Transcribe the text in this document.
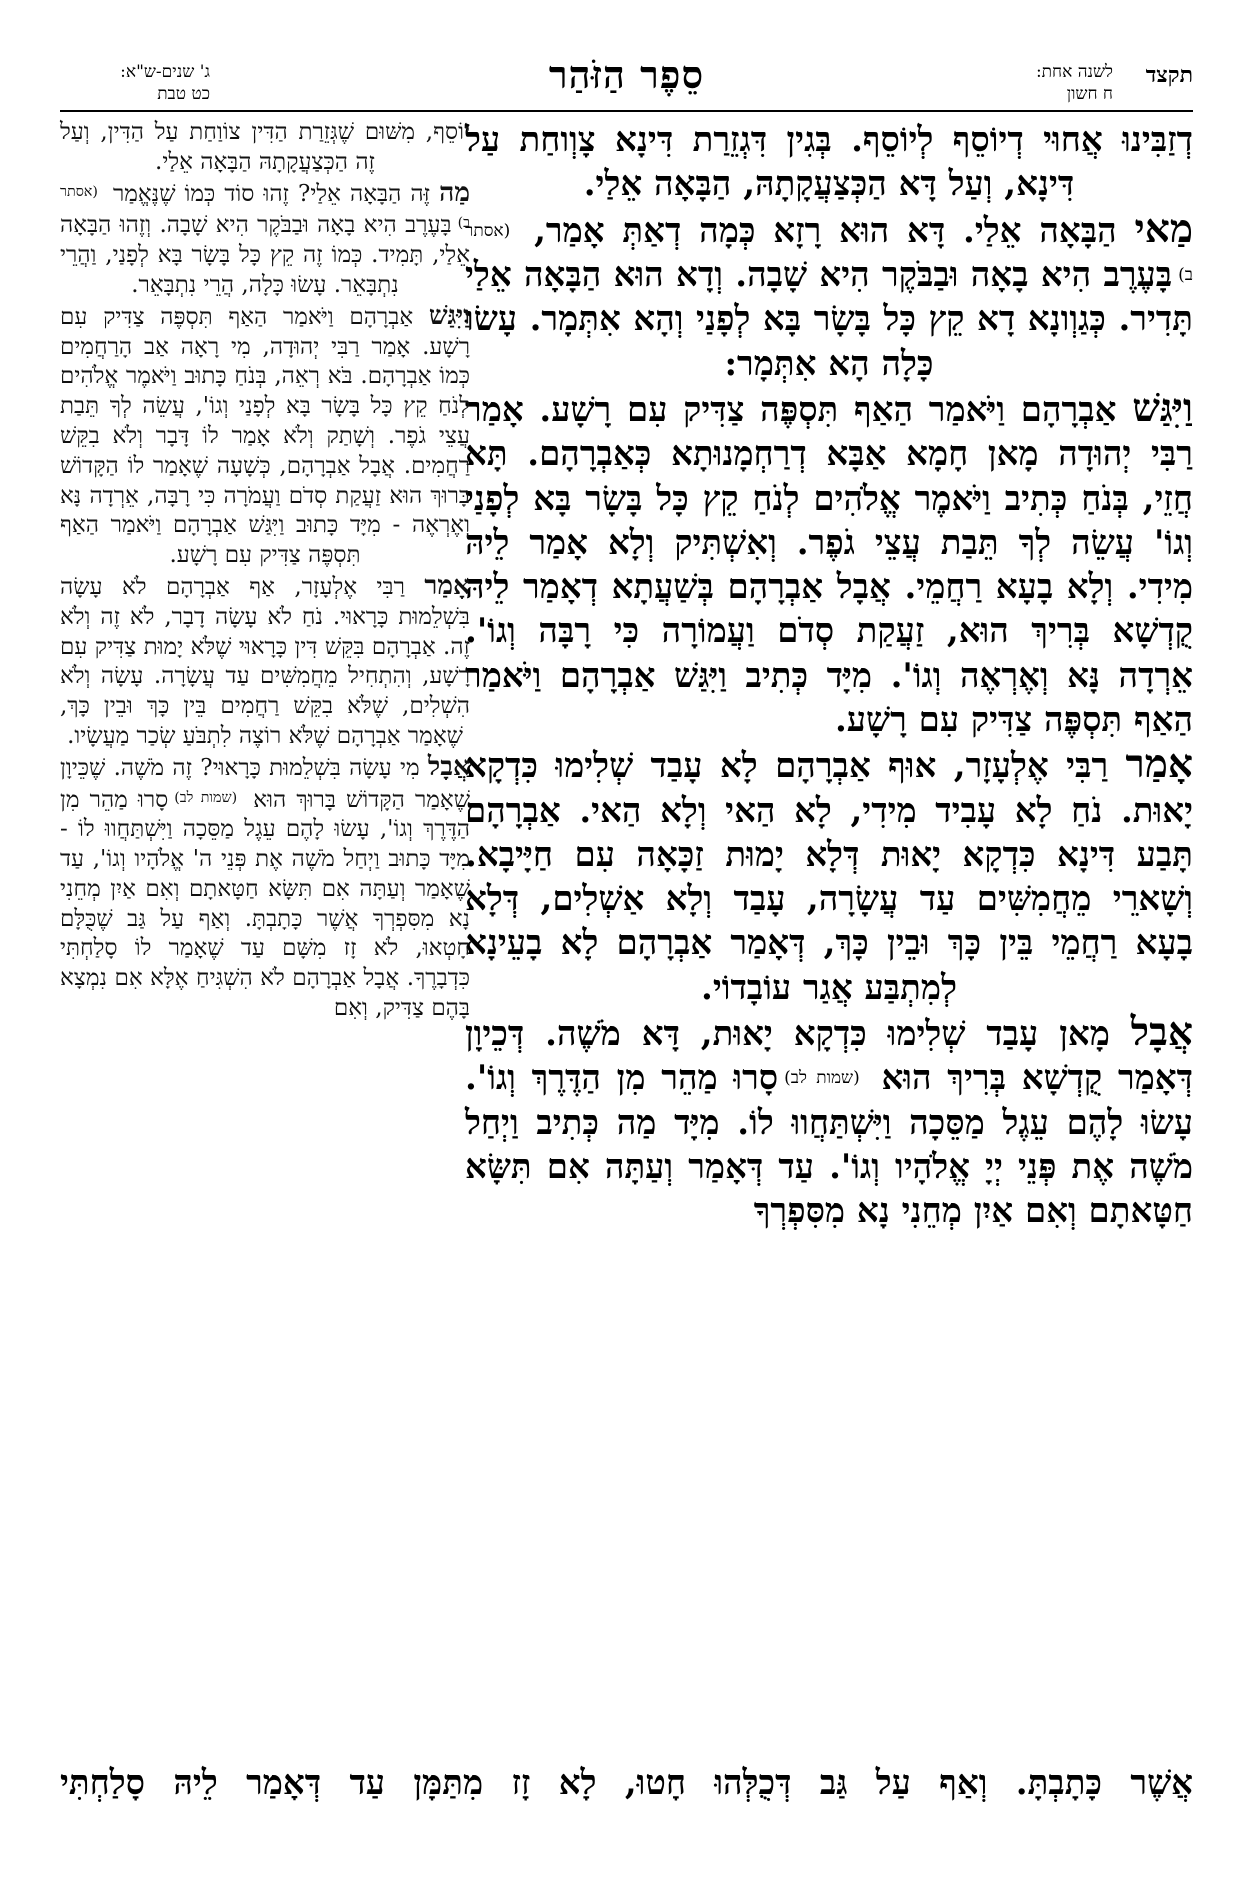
תקצד
לשנה אחת:
ח חשון
סֵפֶר הַזֹּהַר
ג' שנים-ש"א:
כט טבת

דְזַבִּינוּ אֲחוּי דְיוֹסֵף לְיוֹסֵף. בְּגִין דִּגְזֵרַת דִּינָא צָוְוחַת עַל דִּינָא, וְעַל דָּא הַכְּצַעֲקָתָהּ, הַבָּאָה אֵלַי.

מַאי הַבָּאָה אֵלַי. דָּא הוּא רָזָא כְּמָה דְאַתְּ אָמַר, (אסתר ב)בָּעֶרֶב הִיא בָאָה וּבַבֹּקֶר הִיא שָׁבָה. וְדָא הוּא הַבָּאָה אֵלַי תָּדִיר. כְּגַוְונָא דָא קֵץ כָּל בָּשָׂר בָּא לְפָנַי וְהָא אִתְּמָר. עָשׂוּ כָּלָה הָא אִתְּמָר:

וַיִּגַּשׁ אַבְרָהָם וַיֹּאמַר הַאַף תִּסְפֶּה צַדִּיק עִם רָשָׁע. אָמַר רַבִּי יְהוּדָה מָאן חָמָא אַבָּא דְרַחְמָנוּתָא כְּאַבְרָהָם. תָּא חֲזֵי, בְּנֹחַ כְּתִיב וַיֹּאמֶר אֱלֹהִים לְנֹחַ קֵץ כָּל בָּשָׂר בָּא לְפָנַי וְגוֹ' עֲשֵׂה לְךָ תֵּבַת עֲצֵי גֹפֶר. וְאִשְׁתִּיק וְלָא אָמַר לֵיהּ מִידִי. וְלָא בָעָא רַחֲמֵי. אֲבָל אַבְרָהָם בְּשַׁעֲתָא דְאָמַר לֵיהּ קֻדְשָׁא בְּרִיךְ הוּא, זַעֲקַת סְדֹם וַעֲמוֹרָה כִּי רָבָּה וְגוֹ'. אֵרְדָה נָּא וְאֶרְאֶה וְגוֹ'. מִיָּד כְּתִיב וַיִּגַּשׁ אַבְרָהָם וַיֹּאמַר הַאַף תִּסְפֶּה צַדִּיק עִם רָשָׁע.

אָמַר רַבִּי אֶלְעָזָר, אוּף אַבְרָהָם לָא עָבַד שְׁלִימוּ כִּדְקָא יָאוּת. נֹחַ לָא עָבִיד מִידִי, לָא הַאי וְלָא הַאי. אַבְרָהָם תָּבַע דִּינָא כִּדְקָא יָאוּת דְּלָא יָמוּת זַכָּאָה עִם חַיָּיבָא. וְשָׁארֵי מֵחֲמִשִּׁים עַד עֲשָׂרָה, עָבַד וְלָא אַשְׁלִים, דְּלָא בָעָא רַחֲמֵי בֵּין כָּךְ וּבֵין כָּךְ, דְּאָמַר אַבְרָהָם לָא בָעֵינָא לְמִתְבַּע אֲגַר עוֹבָדוֹי.

אֲבָל מָאן עָבַד שְׁלִימוּ כִּדְקָא יָאוּת, דָּא מֹשֶׁה. דְּכֵיוָן דְּאָמַר קֻדְשָׁא בְּרִיךְ הוּא (שמות לב)סָרוּ מַהֵר מִן הַדֶּרֶךְ וְגוֹ'. עָשׂוּ לָהֶם עֵגֶל מַסֵּכָה וַיִּשְׁתַּחֲווּ לוֹ. מִיָּד מַה כְּתִיב וַיְחַל מֹשֶׁה אֶת פְּנֵי יְיָ אֱלֹהָיו וְגוֹ'. עַד דְּאָמַר וְעַתָּה אִם תִּשָּׂא חַטָּאתָם וְאִם אַיִן מְחֵנִי נָא מִסִּפְרְךָ

יוֹסֵף, מִשּׁוּם שֶׁגְּזֵרַת הַדִּין צוֹוַחַת עַל הַדִּין, וְעַל זֶה הַכְּצַעֲקָתָהּ הַבָּאָה אֵלַי.

מַה זֶּה הַבָּאָה אֵלַי? זֶהוּ סוֹד כְּמוֹ שֶׁנֶּאֱמַר $^{(אסתר ב)}$בָּעֶרֶב הִיא בָאָה וּבַבֹּקֶר הִיא שָׁבָה. וְזֶהוּ הַבָּאָה אֵלַי, תָּמִיד. כְּמוֹ זֶה קֵץ כָּל בָּשָׂר בָּא לְפָנַי, וַהֲרֵי נִתְבָּאֵר. עָשׂוּ כָּלָה, הֲרֵי נִתְבָּאֵר.

וַיִּגַּשׁ אַבְרָהָם וַיֹּאמַר הַאַף תִּסְפֶּה צַדִּיק עִם רָשָׁע. אָמַר רַבִּי יְהוּדָה, מִי רָאָה אַב הָרַחֲמִים כְּמוֹ אַבְרָהָם. בֹּא רְאֵה, בְּנֹחַ כָּתוּב וַיֹּאמֶר אֱלֹהִים לְנֹחַ קֵץ כָּל בָּשָׂר בָּא לְפָנַי וְגוֹ', עֲשֵׂה לְךָ תֵּבַת עֲצֵי גֹפֶר. וְשָׁתַק וְלֹא אָמַר לוֹ דָּבָר וְלֹא בִקֵּשׁ רַחֲמִים. אֲבָל אַבְרָהָם, כְּשָׁעָה שֶׁאָמַר לוֹ הַקָּדוֹשׁ בָּרוּךְ הוּא זַעֲקַת סְדֹם וַעֲמֹרָה כִּי רָבָּה, אֵרְדָה נָּא וְאֶרְאֶה - מִיָּד כָּתוּב וַיִּגַּשׁ אַבְרָהָם וַיֹּאמַר הַאַף תִּסְפֶּה צַדִּיק עִם רָשָׁע.

אָמַר רַבִּי אֶלְעָזָר, אַף אַבְרָהָם לֹא עָשָׂה בִּשְׁלֵמוּת כָּרָאוּי. נֹחַ לֹא עָשָׂה דָבָר, לֹא זֶה וְלֹא זֶה. אַבְרָהָם בִּקֵּשׁ דִּין כָּרָאוּי שֶׁלֹּא יָמוּת צַדִּיק עִם רָשָׁע, וְהִתְחִיל מֵחֲמִשִּׁים עַד עֲשָׂרָה. עָשָׂה וְלֹא הִשְׁלִים, שֶׁלֹּא בִקֵּשׁ רַחֲמִים בֵּין כָּךְ וּבֵין כָּךְ, שֶׁאָמַר אַבְרָהָם שֶׁלֹּא רוֹצֶה לִתְבֹּעַ שְׂכַר מַעֲשָׂיו.

אֲבָל מִי עָשָׂה בִּשְׁלֵמוּת כָּרָאוּי? זֶה מֹשֶׁה. שֶׁכֵּיוָן שֶׁאָמַר הַקָּדוֹשׁ בָּרוּךְ הוּא $^{(שמות לב)}$סָרוּ מַהֵר מִן הַדֶּרֶךְ וְגוֹ', עָשׂוּ לָהֶם עֵגֶל מַסֵּכָה וַיִּשְׁתַּחֲווּ לוֹ - מִיָּד כָּתוּב וַיְחַל מֹשֶׁה אֶת פְּנֵי ה' אֱלֹהָיו וְגוֹ', עַד שֶׁאָמַר וְעַתָּה אִם תִּשָּׂא חַטָּאתָם וְאִם אַיִן מְחֵנִי נָא מִסִּפְרְךָ אֲשֶׁר כָּתָבְתָּ. וְאַף עַל גַּב שֶׁכֻּלָּם חָטְאוּ, לֹא זָז מִשָּׁם עַד שֶׁאָמַר לוֹ סָלַחְתִּי כִּדְבָרֶךָ. אֲבָל אַבְרָהָם לֹא הִשְׁגִּיחַ אֶלָּא אִם נִמְצָא בָּהֶם צַדִּיק, וְאִם

אֲשֶׁר כָּתָבְתָּ. וְאַף עַל גַּב דְּכֻלְּהוּ חָטוּ, לָא זָז מִתַּמָּן עַד דְּאָמַר לֵיהּ סָלַחְתִּי
